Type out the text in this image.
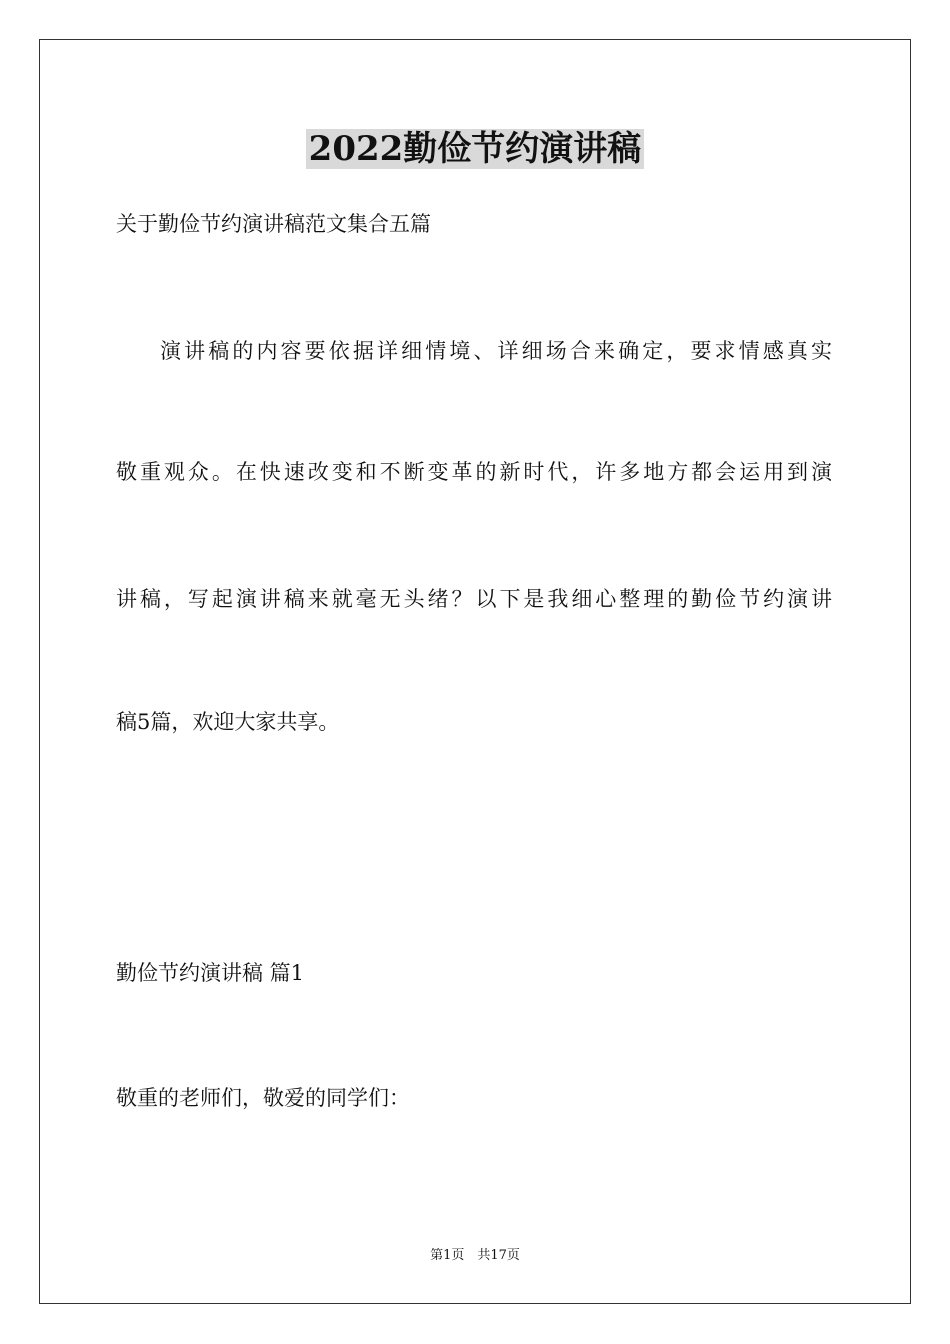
2022勤俭节约演讲稿
关于勤俭节约演讲稿范文集合五篇
演讲稿的内容要依据详细情境、详细场合来确定，要求情感真实
敬重观众。在快速改变和不断变革的新时代，许多地方都会运用到演
讲稿，写起演讲稿来就毫无头绪？以下是我细心整理的勤俭节约演讲
稿5篇，欢迎大家共享。
勤俭节约演讲稿 篇1
敬重的老师们，敬爱的同学们：
第1页　共17页
